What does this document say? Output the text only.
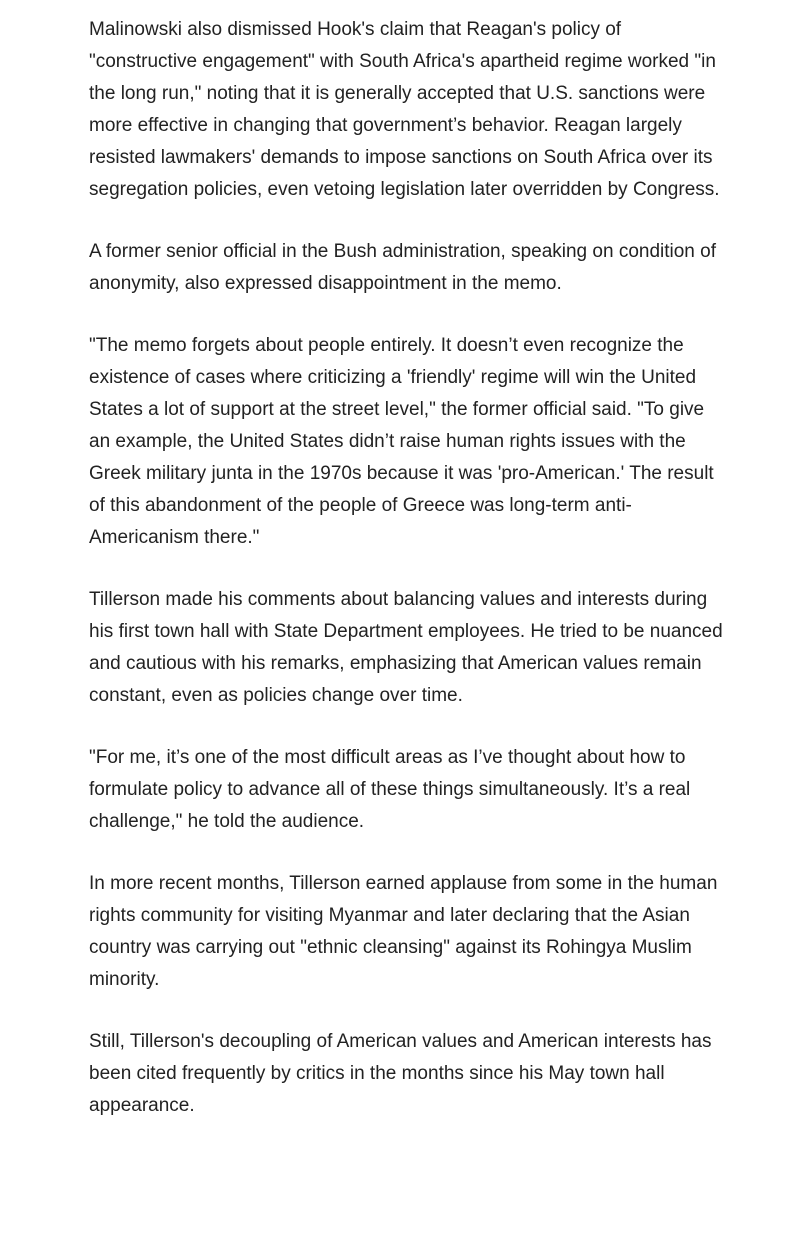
Malinowski also dismissed Hook's claim that Reagan's policy of "constructive engagement" with South Africa's apartheid regime worked "in the long run," noting that it is generally accepted that U.S. sanctions were more effective in changing that government’s behavior. Reagan largely resisted lawmakers' demands to impose sanctions on South Africa over its segregation policies, even vetoing legislation later overridden by Congress.

A former senior official in the Bush administration, speaking on condition of anonymity, also expressed disappointment in the memo.

"The memo forgets about people entirely. It doesn’t even recognize the existence of cases where criticizing a 'friendly' regime will win the United States a lot of support at the street level," the former official said. "To give an example, the United States didn’t raise human rights issues with the Greek military junta in the 1970s because it was 'pro-American.' The result of this abandonment of the people of Greece was long-term anti-Americanism there."

Tillerson made his comments about balancing values and interests during his first town hall with State Department employees. He tried to be nuanced and cautious with his remarks, emphasizing that American values remain constant, even as policies change over time.

"For me, it’s one of the most difficult areas as I’ve thought about how to formulate policy to advance all of these things simultaneously. It’s a real challenge," he told the audience.

In more recent months, Tillerson earned applause from some in the human rights community for visiting Myanmar and later declaring that the Asian country was carrying out "ethnic cleansing" against its Rohingya Muslim minority.

Still, Tillerson's decoupling of American values and American interests has been cited frequently by critics in the months since his May town hall appearance.
